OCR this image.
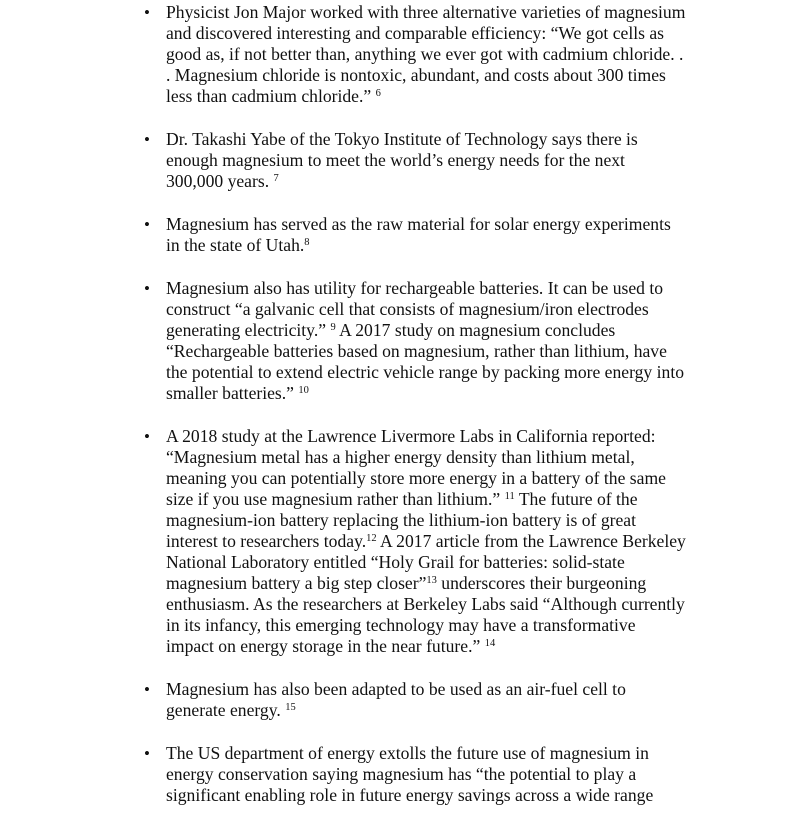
• Physicist Jon Major worked with three alternative varieties of magnesium and discovered interesting and comparable efficiency: “We got cells as good as, if not better than, anything we ever got with cadmium chloride. . . Magnesium chloride is nontoxic, abundant, and costs about 300 times less than cadmium chloride.” $^6$
• Dr. Takashi Yabe of the Tokyo Institute of Technology says there is enough magnesium to meet the world’s energy needs for the next 300,000 years. $^7$
• Magnesium has served as the raw material for solar energy experiments in the state of Utah.$^8$
• Magnesium also has utility for rechargeable batteries. It can be used to construct “a galvanic cell that consists of magnesium/iron electrodes generating electricity.” $^9$ A 2017 study on magnesium concludes “Rechargeable batteries based on magnesium, rather than lithium, have the potential to extend electric vehicle range by packing more energy into smaller batteries.” $^{10}$
• A 2018 study at the Lawrence Livermore Labs in California reported: “Magnesium metal has a higher energy density than lithium metal, meaning you can potentially store more energy in a battery of the same size if you use magnesium rather than lithium.” $^{11}$ The future of the magnesium-ion battery replacing the lithium-ion battery is of great interest to researchers today.$^{12}$ A 2017 article from the Lawrence Berkeley National Laboratory entitled “Holy Grail for batteries: solid-state magnesium battery a big step closer”$^{13}$ underscores their burgeoning enthusiasm. As the researchers at Berkeley Labs said “Although currently in its infancy, this emerging technology may have a transformative impact on energy storage in the near future.” $^{14}$
• Magnesium has also been adapted to be used as an air-fuel cell to generate energy. $^{15}$
• The US department of energy extolls the future use of magnesium in energy conservation saying magnesium has “the potential to play a significant enabling role in future energy savings across a wide range
